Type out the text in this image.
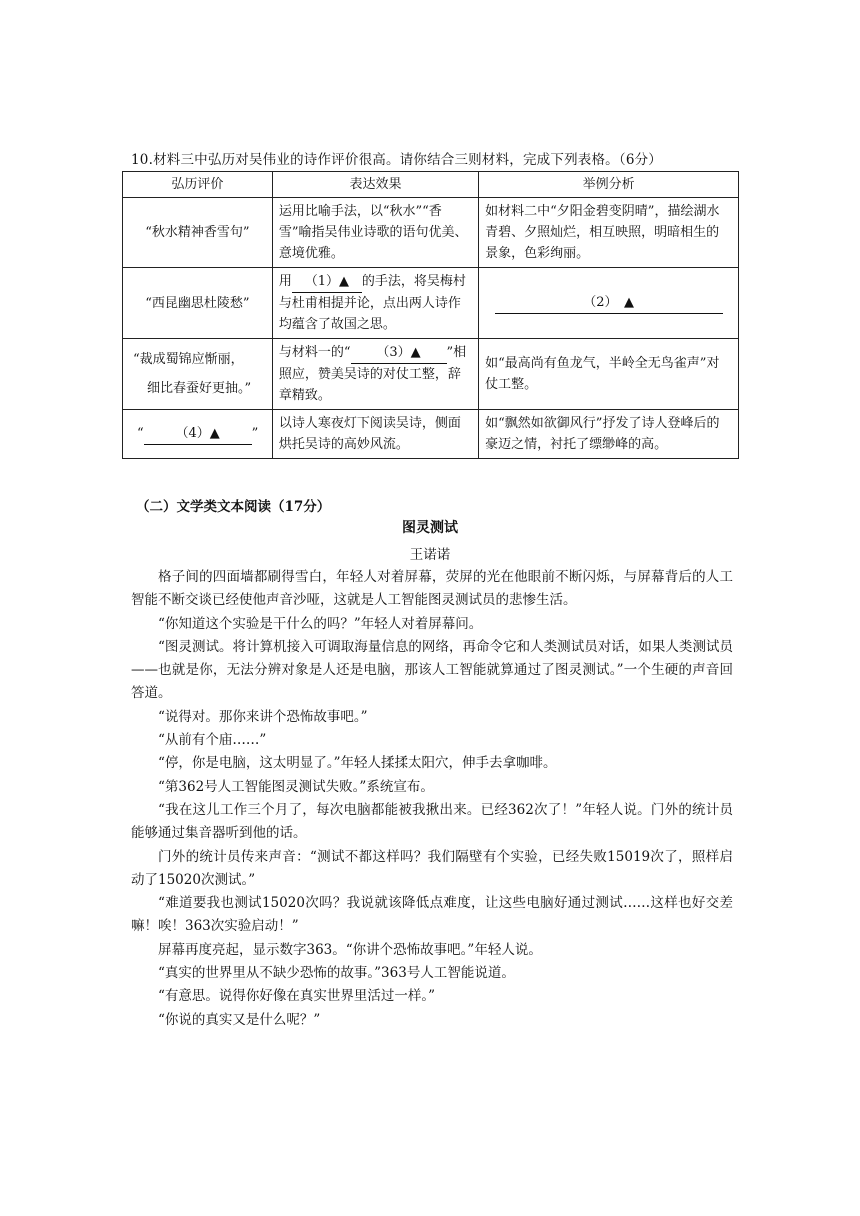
10.材料三中弘历对吴伟业的诗作评价很高。请你结合三则材料，完成下列表格。（6分）
弘历评价	表达效果	举例分析
“秋水精神香雪句”	运用比喻手法，以“秋水”“香雪”喻指吴伟业诗歌的语句优美、意境优雅。	如材料二中“夕阳金碧变阴晴”，描绘湖水青碧、夕照灿烂，相互映照，明暗相生的景象，色彩绚丽。
“西昆幽思杜陵愁”	用 （1）▲ 的手法，将吴梅村与杜甫相提并论，点出两人诗作均蕴含了故国之思。	（2）　▲

“裁成蜀锦应惭丽，
细比春蚕好更抽。”	与材料一的“ （3）▲ ”相照应，赞美吴诗的对仗工整，辞章精致。	如“最高尚有鱼龙气，半岭全无鸟雀声”对仗工整。
“ （4）▲ ”	以诗人寒夜灯下阅读吴诗，侧面烘托吴诗的高妙风流。	如“飘然如欲御风行”抒发了诗人登峰后的豪迈之情，衬托了缥缈峰的高。
（二）文学类文本阅读（17分）
图灵测试
王诺诺

格子间的四面墙都刷得雪白，年轻人对着屏幕，荧屏的光在他眼前不断闪烁，与屏幕背后的人工智能不断交谈已经使他声音沙哑，这就是人工智能图灵测试员的悲惨生活。

“你知道这个实验是干什么的吗？”年轻人对着屏幕问。

“图灵测试。将计算机接入可调取海量信息的网络，再命令它和人类测试员对话，如果人类测试员——也就是你，无法分辨对象是人还是电脑，那该人工智能就算通过了图灵测试。”一个生硬的声音回答道。

“说得对。那你来讲个恐怖故事吧。”

“从前有个庙……”

“停，你是电脑，这太明显了。”年轻人揉揉太阳穴，伸手去拿咖啡。

“第362号人工智能图灵测试失败。”系统宣布。

“我在这儿工作三个月了，每次电脑都能被我揪出来。已经362次了！”年轻人说。门外的统计员能够通过集音器听到他的话。

门外的统计员传来声音：“测试不都这样吗？我们隔壁有个实验，已经失败15019次了，照样启动了15020次测试。”

“难道要我也测试15020次吗？我说就该降低点难度，让这些电脑好通过测试……这样也好交差嘛！唉！363次实验启动！”

屏幕再度亮起，显示数字363。“你讲个恐怖故事吧。”年轻人说。

“真实的世界里从不缺少恐怖的故事。”363号人工智能说道。

“有意思。说得你好像在真实世界里活过一样。”

“你说的真实又是什么呢？”
